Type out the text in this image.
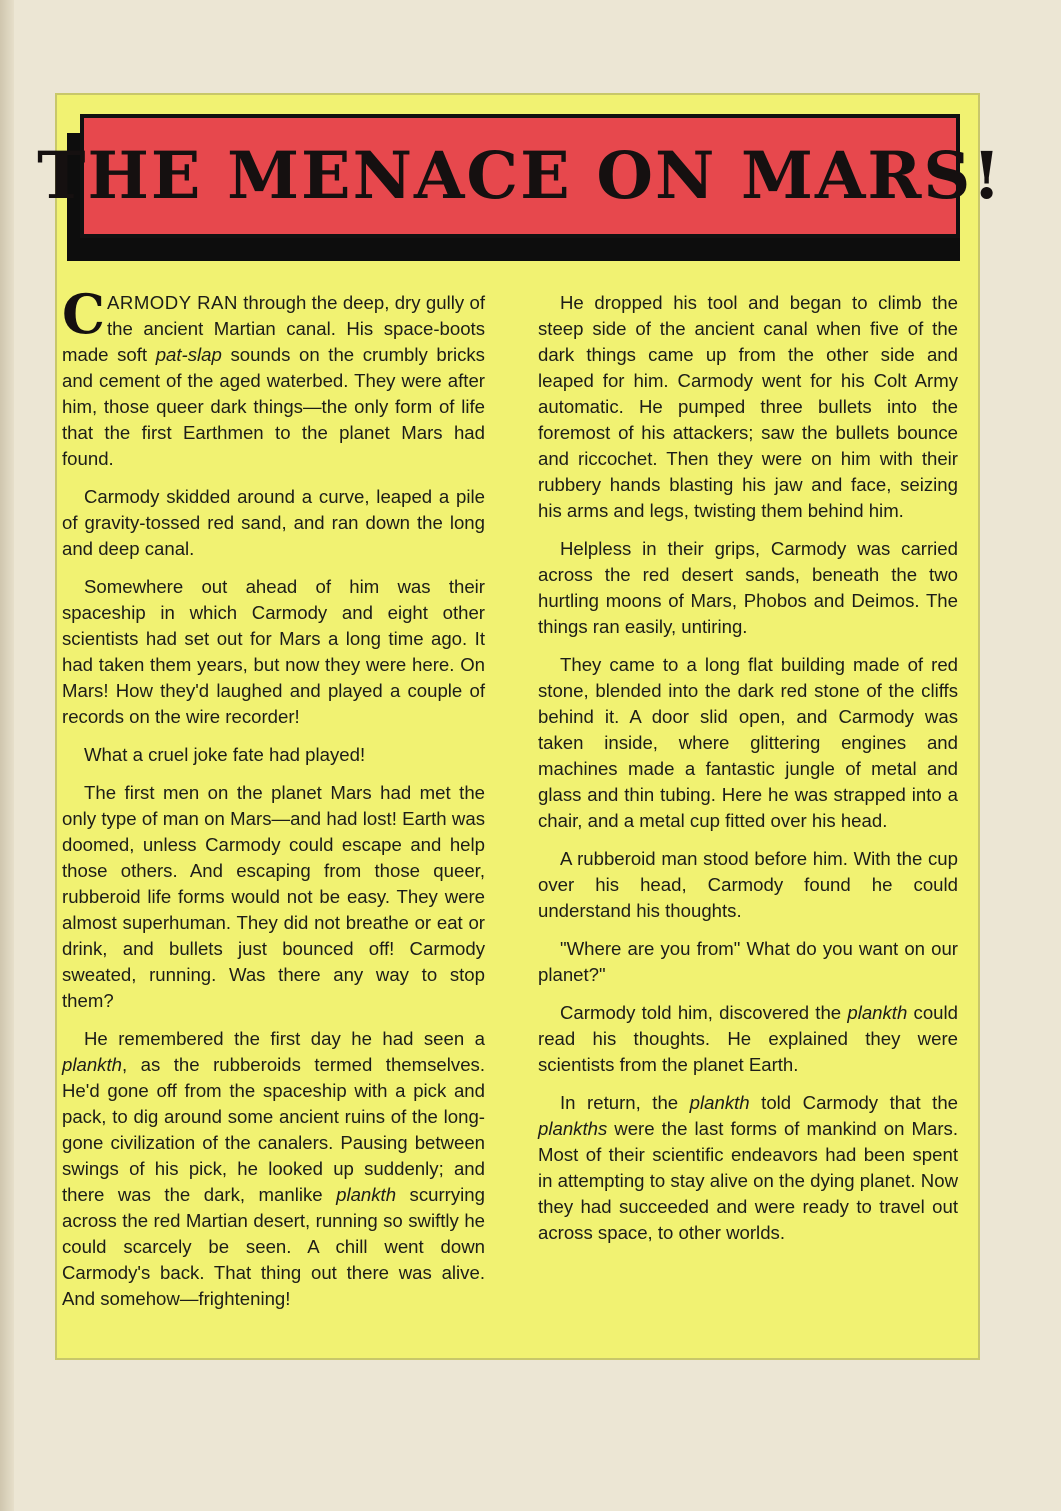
THE MENACE ON MARS!

CARMODY RAN through the deep, dry gully of the ancient Martian canal. His space-boots made soft pat-slap sounds on the crumbly bricks and cement of the aged waterbed. They were after him, those queer dark things—the only form of life that the first Earthmen to the planet Mars had found.

Carmody skidded around a curve, leaped a pile of gravity-tossed red sand, and ran down the long and deep canal.

Somewhere out ahead of him was their spaceship in which Carmody and eight other scientists had set out for Mars a long time ago. It had taken them years, but now they were here. On Mars! How they'd laughed and played a couple of records on the wire recorder!

What a cruel joke fate had played!

The first men on the planet Mars had met the only type of man on Mars—and had lost! Earth was doomed, unless Carmody could escape and help those others. And escaping from those queer, rubberoid life forms would not be easy. They were almost superhuman. They did not breathe or eat or drink, and bullets just bounced off! Carmody sweated, running. Was there any way to stop them?

He remembered the first day he had seen a plankth, as the rubberoids termed themselves. He'd gone off from the spaceship with a pick and pack, to dig around some ancient ruins of the long-gone civilization of the canalers. Pausing between swings of his pick, he looked up suddenly; and there was the dark, manlike plankth scurrying across the red Martian desert, running so swiftly he could scarcely be seen. A chill went down Carmody's back. That thing out there was alive. And somehow—frightening!

He dropped his tool and began to climb the steep side of the ancient canal when five of the dark things came up from the other side and leaped for him. Carmody went for his Colt Army automatic. He pumped three bullets into the foremost of his attackers; saw the bullets bounce and riccochet. Then they were on him with their rubbery hands blasting his jaw and face, seizing his arms and legs, twisting them behind him.

Helpless in their grips, Carmody was carried across the red desert sands, beneath the two hurtling moons of Mars, Phobos and Deimos. The things ran easily, untiring.

They came to a long flat building made of red stone, blended into the dark red stone of the cliffs behind it. A door slid open, and Carmody was taken inside, where glittering engines and machines made a fantastic jungle of metal and glass and thin tubing. Here he was strapped into a chair, and a metal cup fitted over his head.

A rubberoid man stood before him. With the cup over his head, Carmody found he could understand his thoughts.

"Where are you from" What do you want on our planet?"

Carmody told him, discovered the plankth could read his thoughts. He explained they were scientists from the planet Earth.

In return, the plankth told Carmody that the plankths were the last forms of mankind on Mars. Most of their scientific endeavors had been spent in attempting to stay alive on the dying planet. Now they had succeeded and were ready to travel out across space, to other worlds.
